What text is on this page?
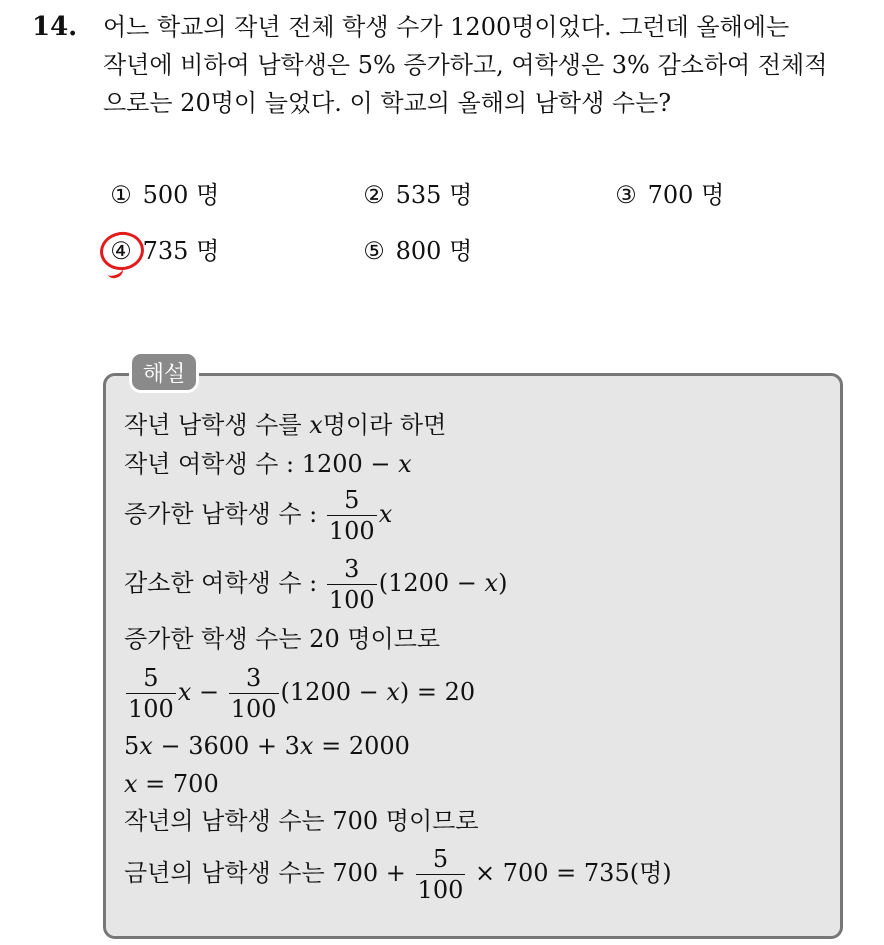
14. 어느 학교의 작년 전체 학생 수가 1200명이었다. 그런데 올해에는
작년에 비하여 남학생은 5% 증가하고, 여학생은 3% 감소하여 전체적
으로는 20명이 늘었다. 이 학교의 올해의 남학생 수는?
① 500 명	② 535 명	③ 700 명
④ 735 명	⑤ 800 명
해설
작년 남학생 수를 x명이라 하면
작년 여학생 수 : 1200 − x
증가한 남학생 수 : $\frac{5}{100}$ x
감소한 여학생 수 : $\frac{3}{100} (1200 - x)$
증가한 학생 수는 20 명이므로
$\frac{5}{100}$ $x - \frac{3}{100} (1200 - x) = 20$
5x − 3600 + 3x = 2000
x = 700
작년의 남학생 수는 700 명이므로
금년의 남학생 수는 $700 + \frac{5}{100} \times 700 = 735$(명)
